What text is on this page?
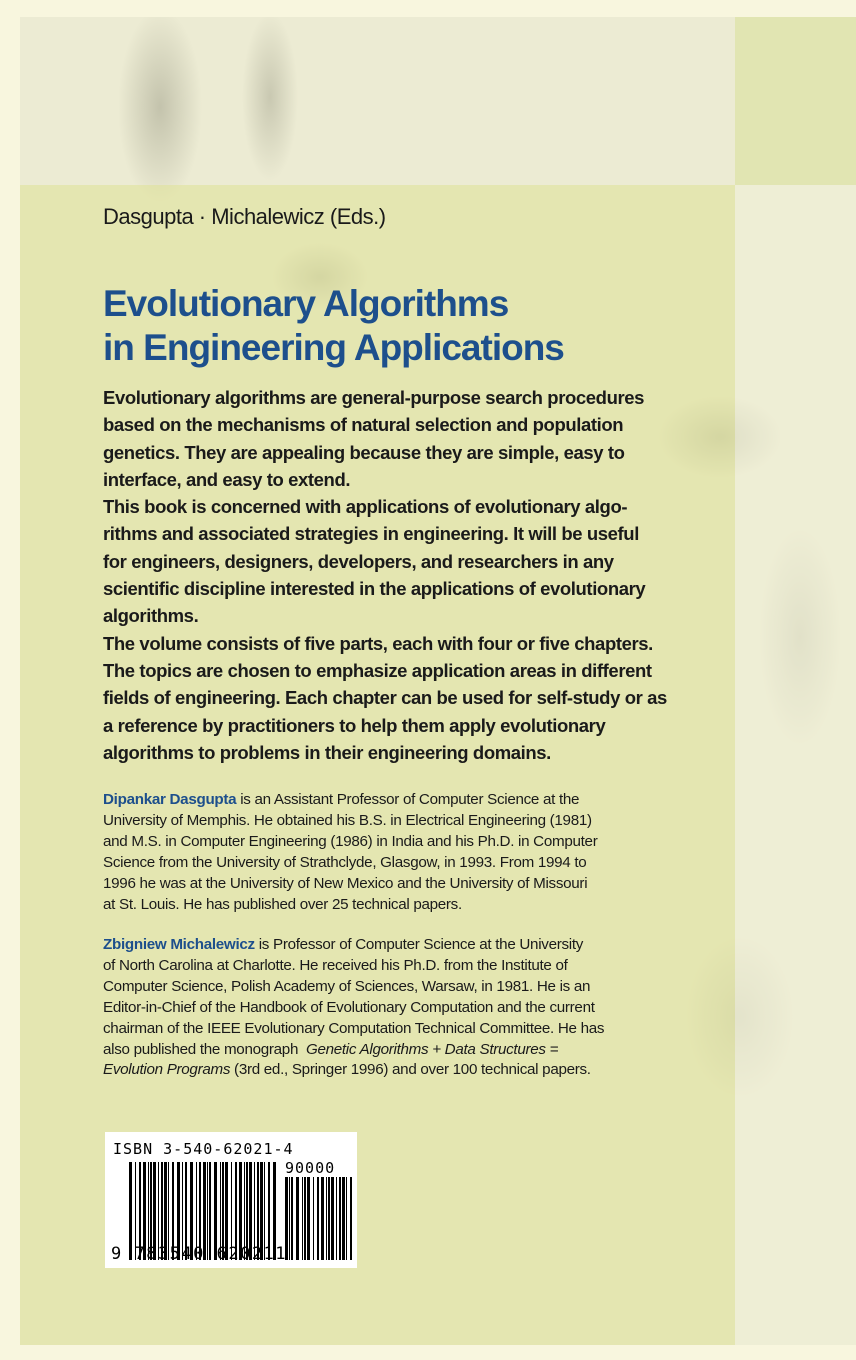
Dasgupta · Michalewicz (Eds.)
Evolutionary Algorithms
in Engineering Applications
Evolutionary algorithms are general-purpose search procedures
based on the mechanisms of natural selection and population
genetics. They are appealing because they are simple, easy to
interface, and easy to extend.
This book is concerned with applications of evolutionary algo-
rithms and associated strategies in engineering. It will be useful
for engineers, designers, developers, and researchers in any
scientific discipline interested in the applications of evolutionary
algorithms.
The volume consists of five parts, each with four or five chapters.
The topics are chosen to emphasize application areas in different
fields of engineering. Each chapter can be used for self-study or as
a reference by practitioners to help them apply evolutionary
algorithms to problems in their engineering domains.
Dipankar Dasgupta is an Assistant Professor of Computer Science at the
University of Memphis. He obtained his B.S. in Electrical Engineering (1981)
and M.S. in Computer Engineering (1986) in India and his Ph.D. in Computer
Science from the University of Strathclyde, Glasgow, in 1993. From 1994 to
1996 he was at the University of New Mexico and the University of Missouri
at St. Louis. He has published over 25 technical papers.
Zbigniew Michalewicz is Professor of Computer Science at the University
of North Carolina at Charlotte. He received his Ph.D. from the Institute of
Computer Science, Polish Academy of Sciences, Warsaw, in 1981. He is an
Editor-in-Chief of the Handbook of Evolutionary Computation and the current
chairman of the IEEE Evolutionary Computation Technical Committee. He has
also published the monograph  Genetic Algorithms + Data Structures =
Evolution Programs (3rd ed., Springer 1996) and over 100 technical papers.
ISBN 3-540-62021-4
90000
9 783540 620211
